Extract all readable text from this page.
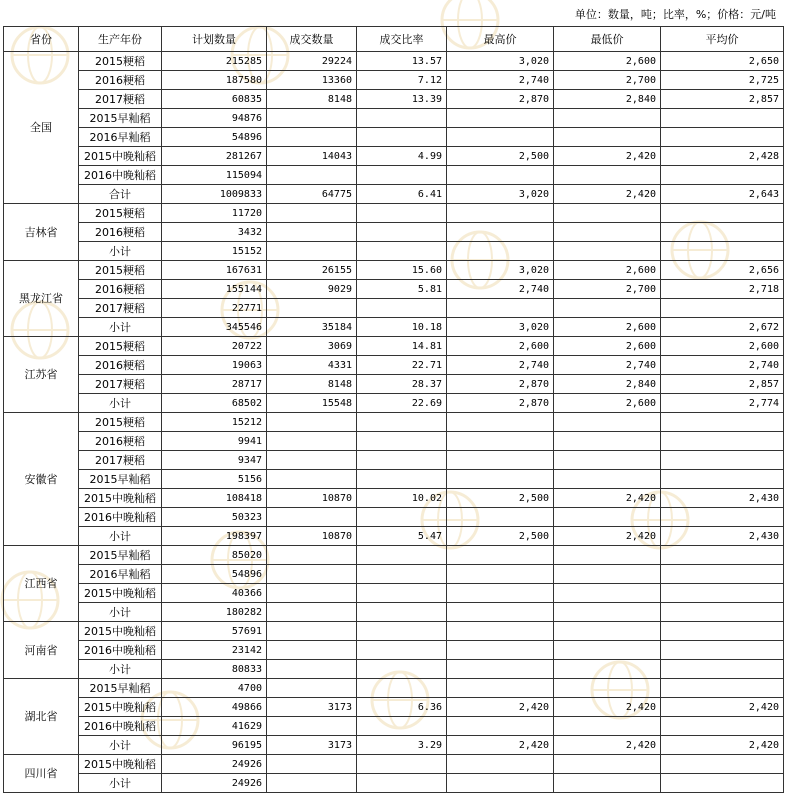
单位：数量，吨；比率，%；价格：元/吨
省份	生产年份	计划数量	成交数量	成交比率	最高价	最低价	平均价
全国	2015粳稻	215285	29224	13.57	3,020	2,600	2,650
	2016粳稻	187580	13360	7.12	2,740	2,700	2,725
	2017粳稻	60835	8148	13.39	2,870	2,840	2,857
	2015早籼稻	94876					
	2016早籼稻	54896					
	2015中晚籼稻	281267	14043	4.99	2,500	2,420	2,428
	2016中晚籼稻	115094					
	合计	1009833	64775	6.41	3,020	2,420	2,643
吉林省	2015粳稻	11720					
	2016粳稻	3432					
	小计	15152					
黑龙江省	2015粳稻	167631	26155	15.60	3,020	2,600	2,656
	2016粳稻	155144	9029	5.81	2,740	2,700	2,718
	2017粳稻	22771					
	小计	345546	35184	10.18	3,020	2,600	2,672
江苏省	2015粳稻	20722	3069	14.81	2,600	2,600	2,600
	2016粳稻	19063	4331	22.71	2,740	2,740	2,740
	2017粳稻	28717	8148	28.37	2,870	2,840	2,857
	小计	68502	15548	22.69	2,870	2,600	2,774
安徽省	2015粳稻	15212					
	2016粳稻	9941					
	2017粳稻	9347					
	2015早籼稻	5156					
	2015中晚籼稻	108418	10870	10.02	2,500	2,420	2,430
	2016中晚籼稻	50323					
	小计	198397	10870	5.47	2,500	2,420	2,430
江西省	2015早籼稻	85020					
	2016早籼稻	54896					
	2015中晚籼稻	40366					
	小计	180282					
河南省	2015中晚籼稻	57691					
	2016中晚籼稻	23142					
	小计	80833					
湖北省	2015早籼稻	4700					
	2015中晚籼稻	49866	3173	6.36	2,420	2,420	2,420
	2016中晚籼稻	41629					
	小计	96195	3173	3.29	2,420	2,420	2,420
四川省	2015中晚籼稻	24926					
	小计	24926					
